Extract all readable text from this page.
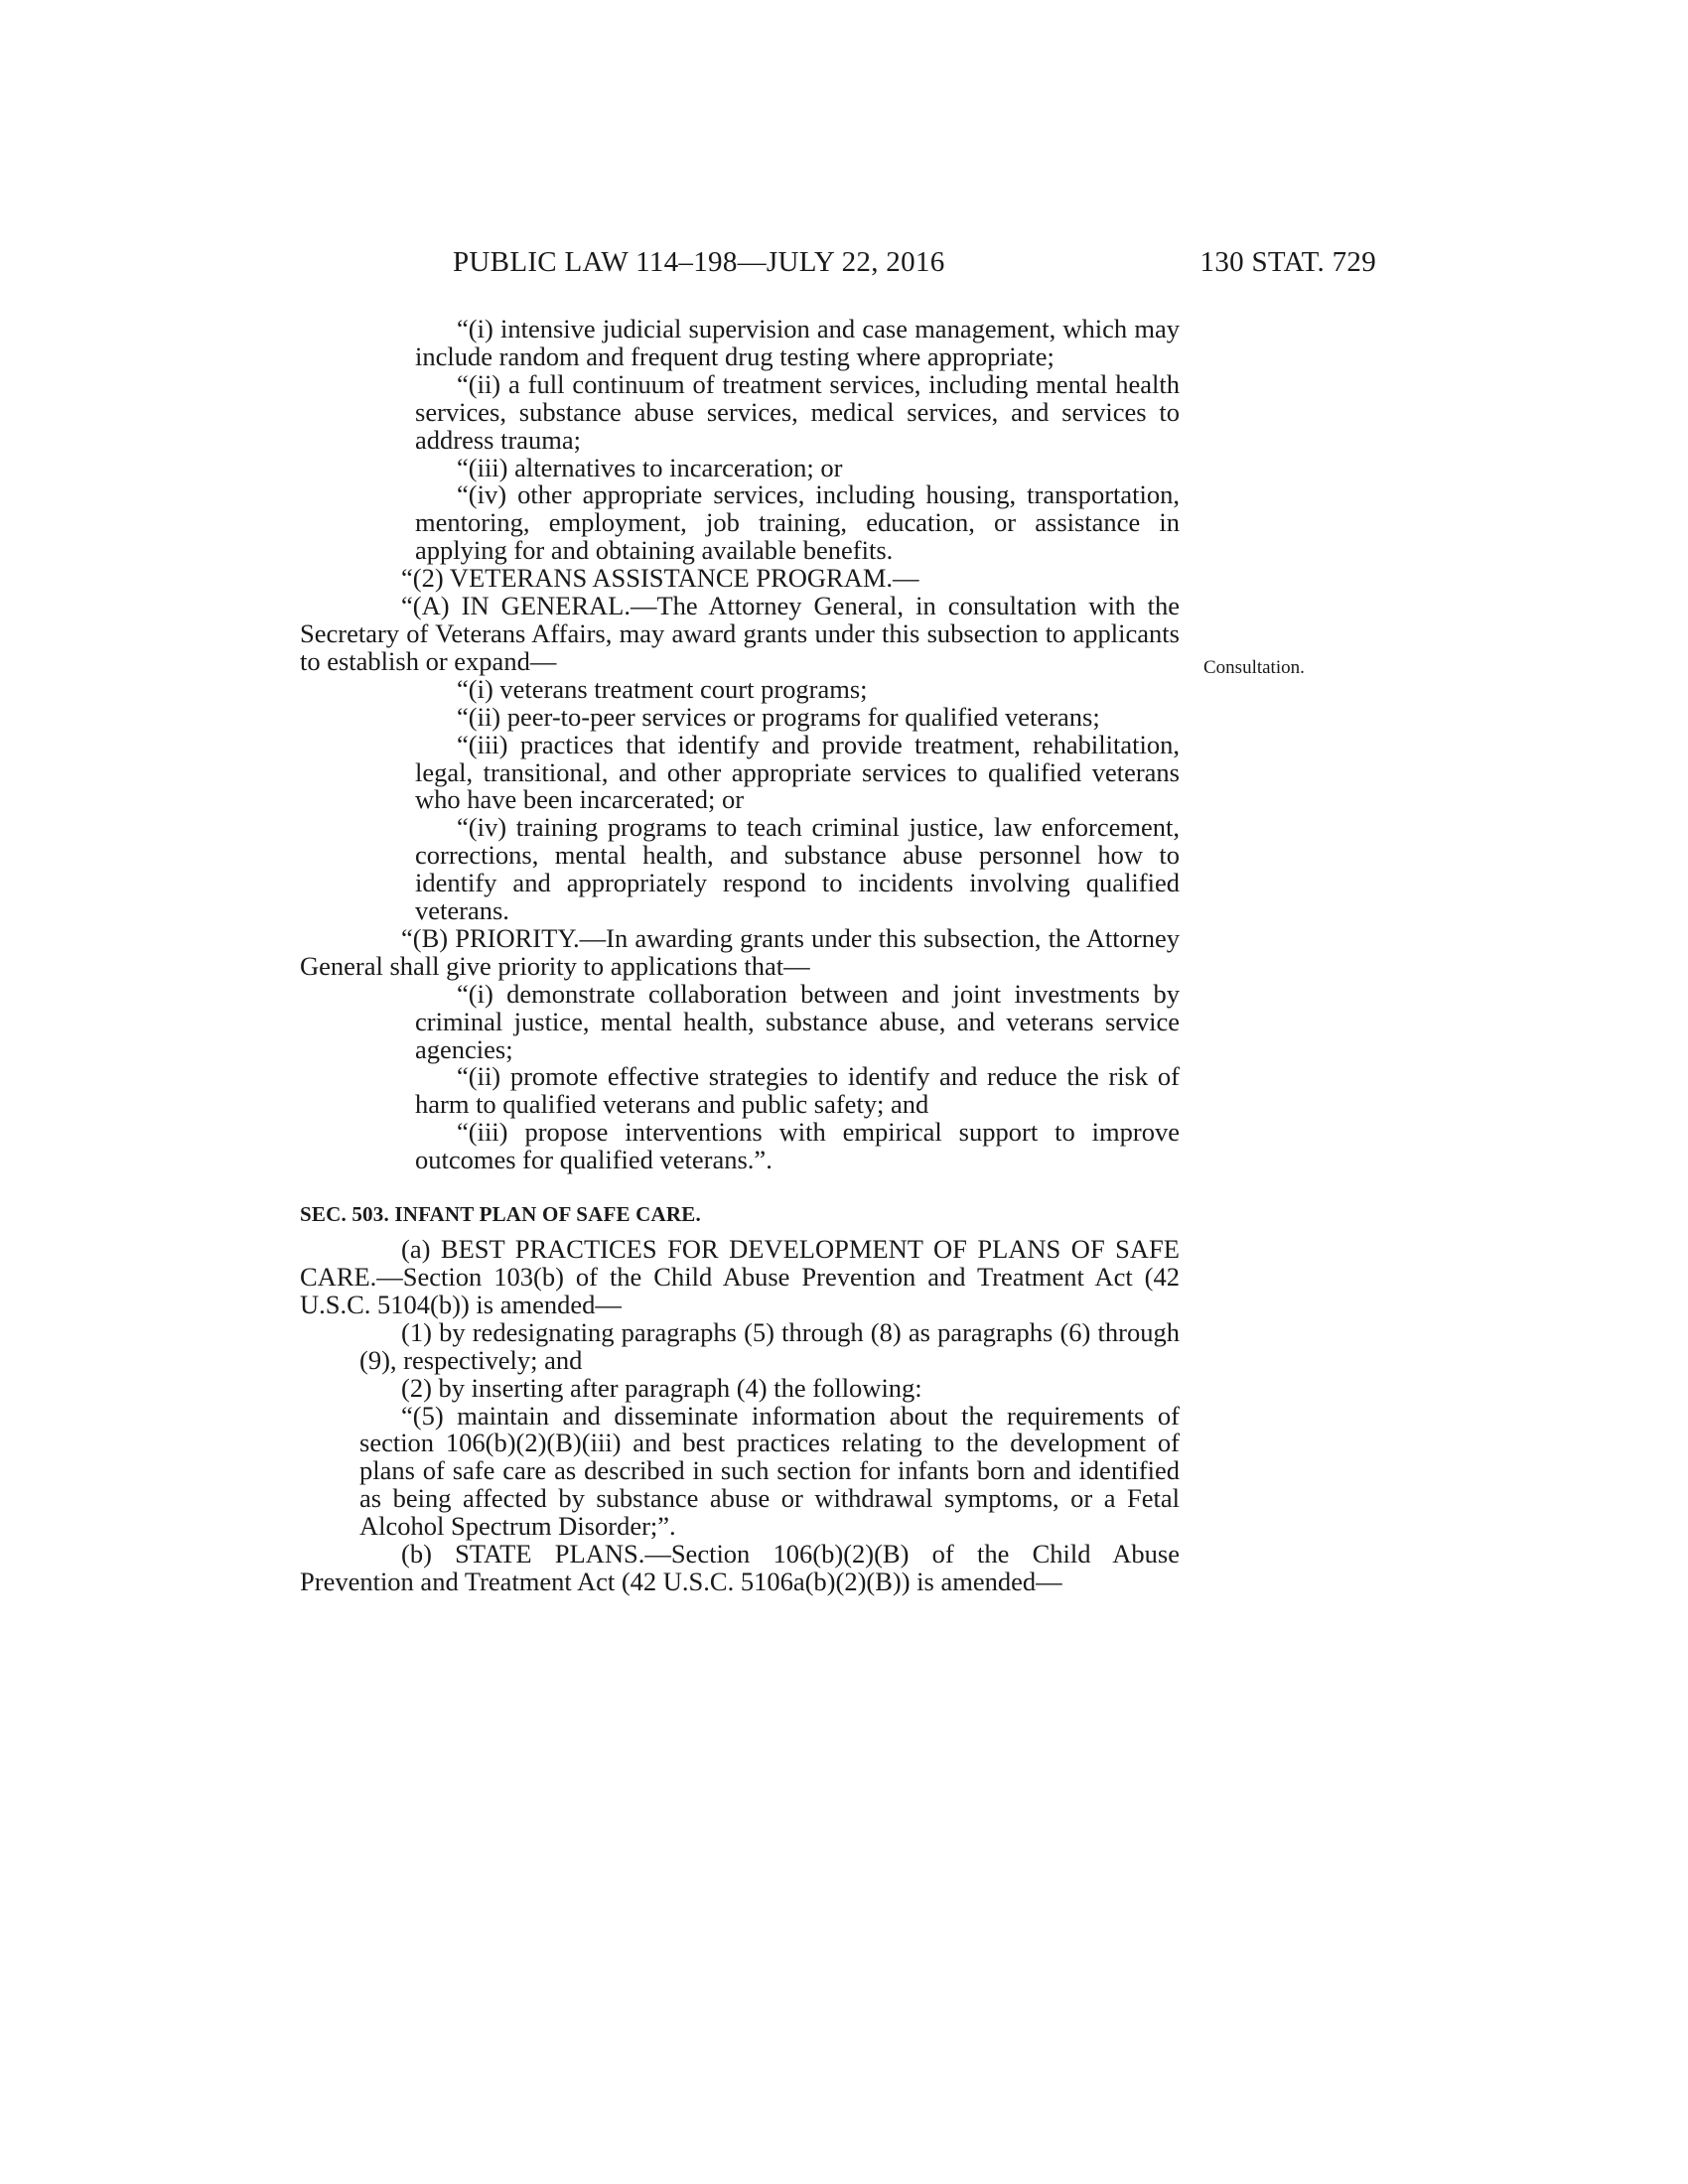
PUBLIC LAW 114–198—JULY 22, 2016	130 STAT. 729
Consultation.

“(i) intensive judicial supervision and case management, which may include random and frequent drug testing where appropriate;

“(ii) a full continuum of treatment services, including mental health services, substance abuse services, medical services, and services to address trauma;

“(iii) alternatives to incarceration; or

“(iv) other appropriate services, including housing, transportation, mentoring, employment, job training, education, or assistance in applying for and obtaining available benefits.

“(2) VETERANS ASSISTANCE PROGRAM.—

“(A) IN GENERAL.—The Attorney General, in consultation with the Secretary of Veterans Affairs, may award grants under this subsection to applicants to establish or expand—

“(i) veterans treatment court programs;

“(ii) peer-to-peer services or programs for qualified veterans;

“(iii) practices that identify and provide treatment, rehabilitation, legal, transitional, and other appropriate services to qualified veterans who have been incarcerated; or

“(iv) training programs to teach criminal justice, law enforcement, corrections, mental health, and substance abuse personnel how to identify and appropriately respond to incidents involving qualified veterans.

“(B) PRIORITY.—In awarding grants under this subsection, the Attorney General shall give priority to applications that—

“(i) demonstrate collaboration between and joint investments by criminal justice, mental health, substance abuse, and veterans service agencies;

“(ii) promote effective strategies to identify and reduce the risk of harm to qualified veterans and public safety; and

“(iii) propose interventions with empirical support to improve outcomes for qualified veterans.”.

SEC. 503. INFANT PLAN OF SAFE CARE.

(a) BEST PRACTICES FOR DEVELOPMENT OF PLANS OF SAFE CARE.—Section 103(b) of the Child Abuse Prevention and Treatment Act (42 U.S.C. 5104(b)) is amended—

(1) by redesignating paragraphs (5) through (8) as paragraphs (6) through (9), respectively; and

(2) by inserting after paragraph (4) the following:

“(5) maintain and disseminate information about the requirements of section 106(b)(2)(B)(iii) and best practices relating to the development of plans of safe care as described in such section for infants born and identified as being affected by substance abuse or withdrawal symptoms, or a Fetal Alcohol Spectrum Disorder;”.

(b) STATE PLANS.—Section 106(b)(2)(B) of the Child Abuse Prevention and Treatment Act (42 U.S.C. 5106a(b)(2)(B)) is amended—
